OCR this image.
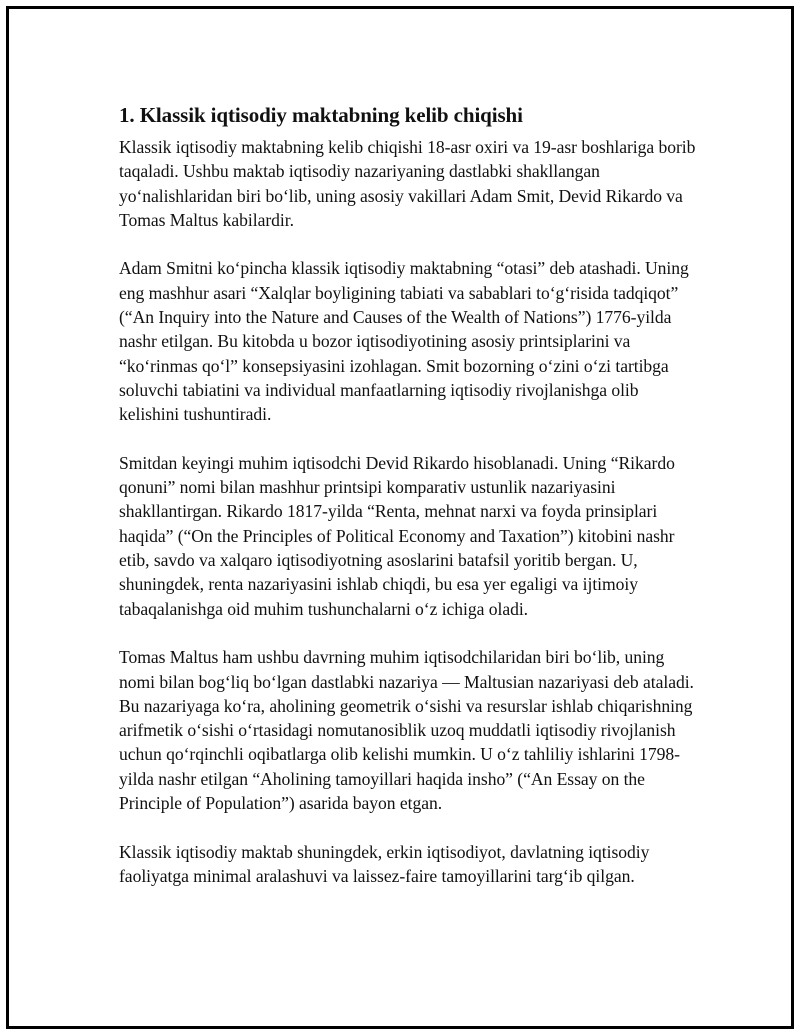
1. Klassik iqtisodiy maktabning kelib chiqishi

Klassik iqtisodiy maktabning kelib chiqishi 18-asr oxiri va 19-asr boshlariga borib taqaladi. Ushbu maktab iqtisodiy nazariyaning dastlabki shakllangan yo‘nalishlaridan biri bo‘lib, uning asosiy vakillari Adam Smit, Devid Rikardo va Tomas Maltus kabilardir.

Adam Smitni ko‘pincha klassik iqtisodiy maktabning “otasi” deb atashadi. Uning eng mashhur asari “Xalqlar boyligining tabiati va sabablari to‘g‘risida tadqiqot” (“An Inquiry into the Nature and Causes of the Wealth of Nations”) 1776-yilda nashr etilgan. Bu kitobda u bozor iqtisodiyotining asosiy printsiplarini va “ko‘rinmas qo‘l” konsepsiyasini izohlagan. Smit bozorning o‘zini o‘zi tartibga soluvchi tabiatini va individual manfaatlarning iqtisodiy rivojlanishga olib kelishini tushuntiradi.

Smitdan keyingi muhim iqtisodchi Devid Rikardo hisoblanadi. Uning “Rikardo qonuni” nomi bilan mashhur printsipi komparativ ustunlik nazariyasini shakllantirgan. Rikardo 1817-yilda “Renta, mehnat narxi va foyda prinsiplari haqida” (“On the Principles of Political Economy and Taxation”) kitobini nashr etib, savdo va xalqaro iqtisodiyotning asoslarini batafsil yoritib bergan. U, shuningdek, renta nazariyasini ishlab chiqdi, bu esa yer egaligi va ijtimoiy tabaqalanishga oid muhim tushunchalarni o‘z ichiga oladi.

Tomas Maltus ham ushbu davrning muhim iqtisodchilaridan biri bo‘lib, uning nomi bilan bog‘liq bo‘lgan dastlabki nazariya — Maltusian nazariyasi deb ataladi. Bu nazariyaga ko‘ra, aholining geometrik o‘sishi va resurslar ishlab chiqarishning arifmetik o‘sishi o‘rtasidagi nomutanosiblik uzoq muddatli iqtisodiy rivojlanish uchun qo‘rqinchli oqibatlarga olib kelishi mumkin. U o‘z tahliliy ishlarini 1798-yilda nashr etilgan “Aholining tamoyillari haqida insho” (“An Essay on the Principle of Population”) asarida bayon etgan.

Klassik iqtisodiy maktab shuningdek, erkin iqtisodiyot, davlatning iqtisodiy faoliyatga minimal aralashuvi va laissez-faire tamoyillarini targ‘ib qilgan.
